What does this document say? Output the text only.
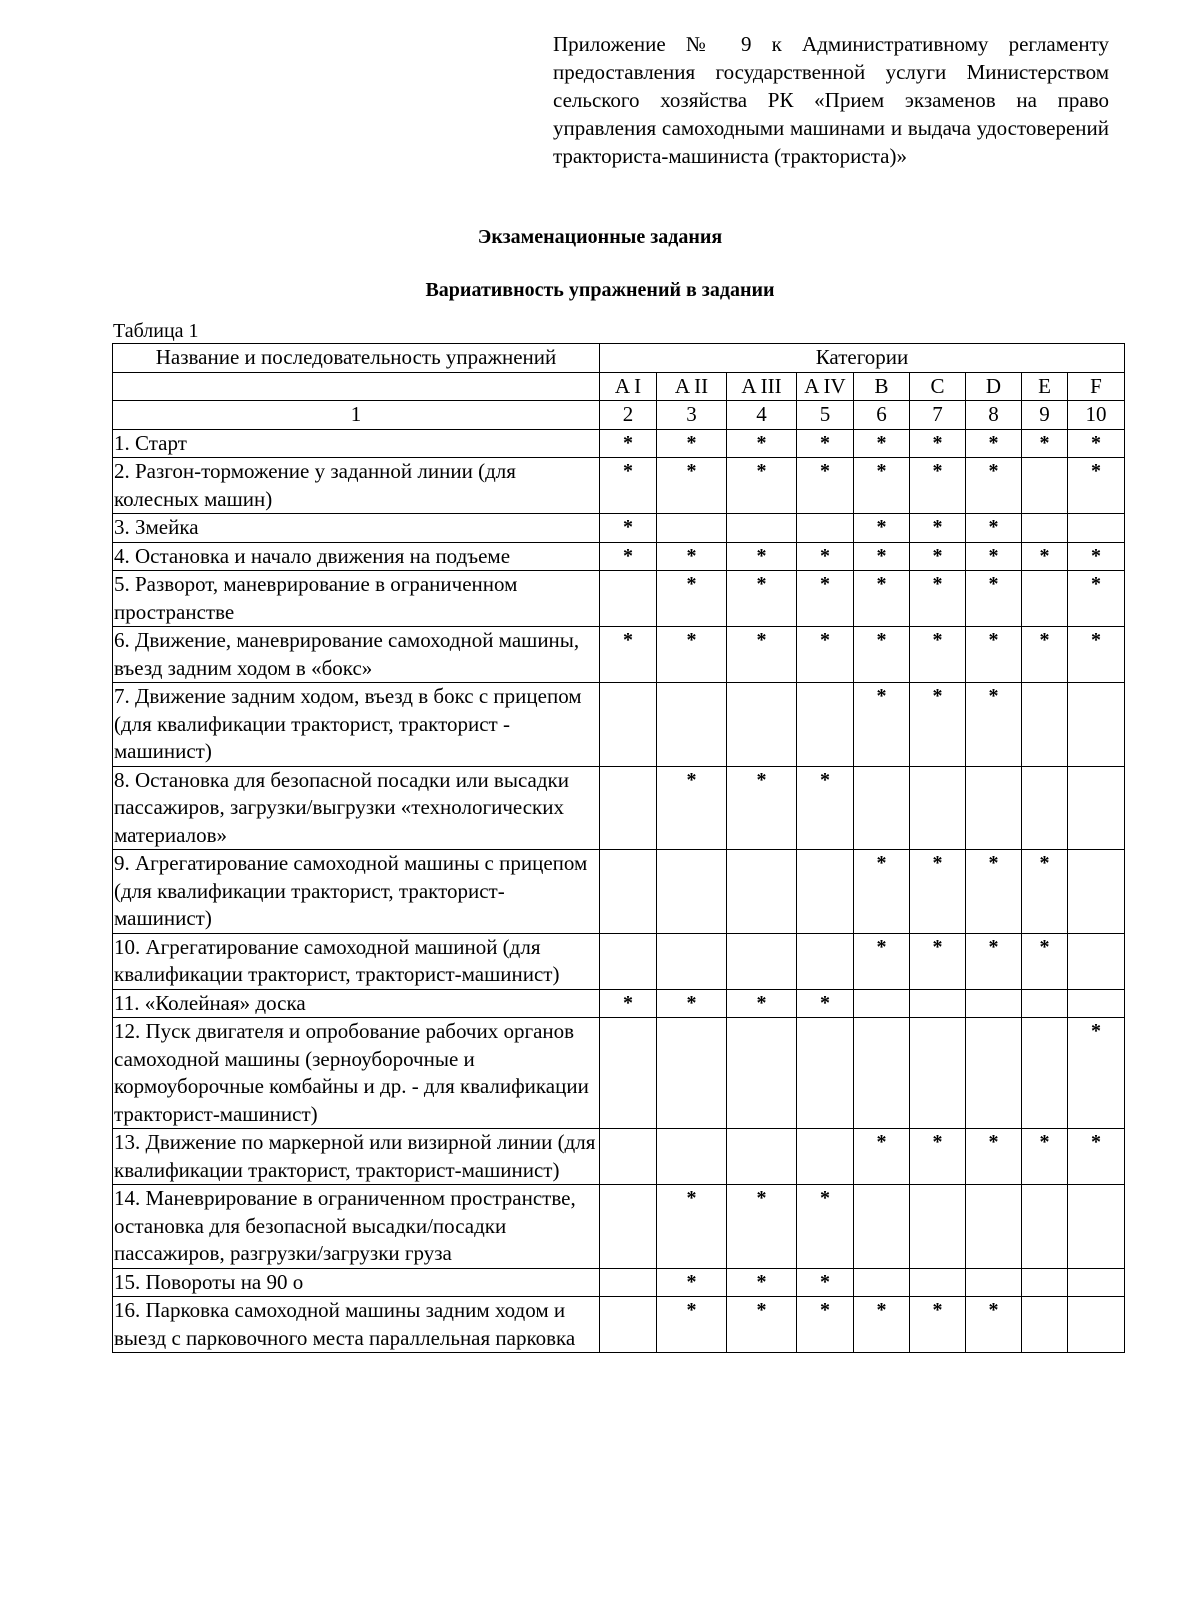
Приложение № 9 к Административному регламенту предоставления государственной услуги Министерством сельского хозяйства РК «Прием экзаменов на право управления самоходными машинами и выдача удостоверений тракториста-машиниста (тракториста)»
Экзаменационные задания
Вариативность упражнений в задании
Таблица 1
Название и последовательность упражнений	Категории								
	A I	A II	A III	A IV	B	C	D	E	F
1	2	3	4	5	6	7	8	9	10
1. Старт	*	*	*	*	*	*	*	*	*
2. Разгон-торможение у заданной линии (для колесных машин)	*	*	*	*	*	*	*		*
3. Змейка	*				*	*	*		
4. Остановка и начало движения на подъеме	*	*	*	*	*	*	*	*	*
5. Разворот, маневрирование в ограниченном пространстве		*	*	*	*	*	*		*
6. Движение, маневрирование самоходной машины, въезд задним ходом в «бокс»	*	*	*	*	*	*	*	*	*
7. Движение задним ходом, въезд в бокс с прицепом (для квалификации тракторист, тракторист - машинист)					*	*	*		
8. Остановка для безопасной посадки или высадки пассажиров, загрузки/выгрузки «технологических материалов»		*	*	*					
9. Агрегатирование самоходной машины с прицепом (для квалификации тракторист, тракторист-машинист)					*	*	*	*	
10. Агрегатирование самоходной машиной (для квалификации тракторист, тракторист-машинист)					*	*	*	*	
11. «Колейная» доска	*	*	*	*					
12. Пуск двигателя и опробование рабочих органов самоходной машины (зерноуборочные и кормоуборочные комбайны и др. - для квалификации тракторист-машинист)									*
13. Движение по маркерной или визирной линии (для квалификации тракторист, тракторист-машинист)					*	*	*	*	*
14. Маневрирование в ограниченном пространстве, остановка для безопасной высадки/посадки пассажиров, разгрузки/загрузки груза		*	*	*					
15. Повороты на 90 о		*	*	*					
16. Парковка самоходной машины задним ходом и выезд с парковочного места параллельная парковка		*	*	*	*	*	*		
